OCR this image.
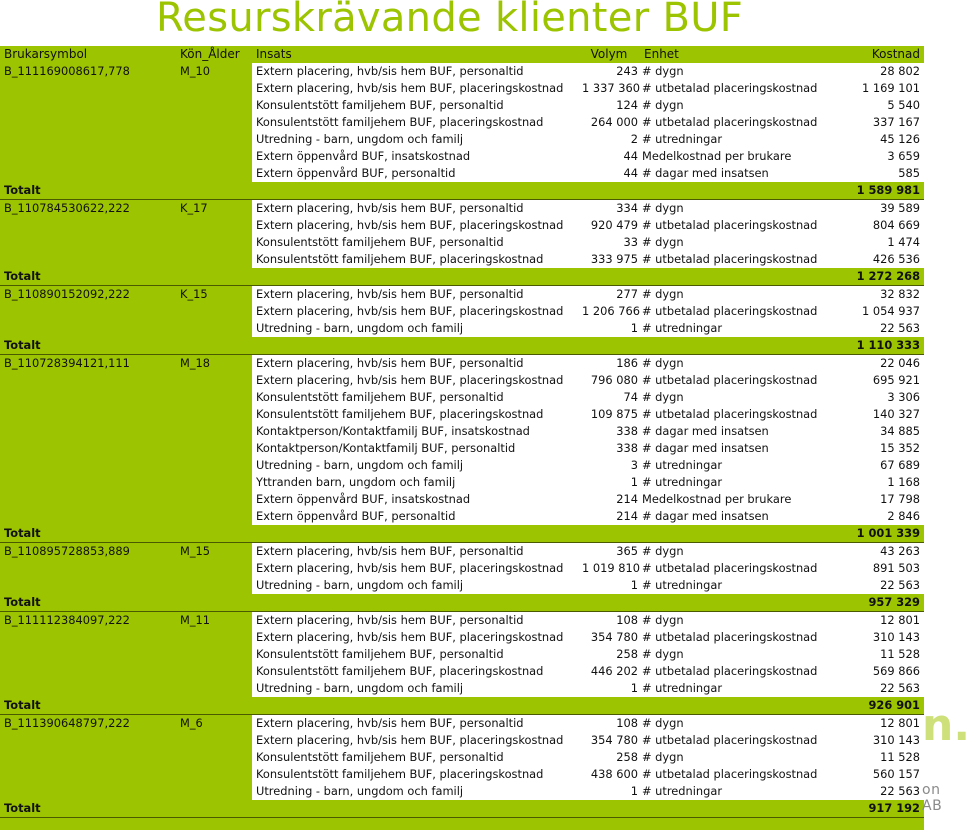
Resurskrävande klienter BUF
Brukarsymbol	Kön_Ålder	Insats	Volym	Enhet	Kostnad
B_111169008617,778	M_10	Extern placering, hvb/sis hem BUF, personaltid	243	# dygn	28 802
		Extern placering, hvb/sis hem BUF, placeringskostnad	1 337 360	# utbetalad placeringskostnad	1 169 101
		Konsulentstött familjehem BUF, personaltid	124	# dygn	5 540
		Konsulentstött familjehem BUF, placeringskostnad	264 000	# utbetalad placeringskostnad	337 167
		Utredning - barn, ungdom och familj	2	# utredningar	45 126
		Extern öppenvård BUF, insatskostnad	44	Medelkostnad per brukare	3 659
		Extern öppenvård BUF, personaltid	44	# dagar med insatsen	585
Totalt					1 589 981
B_110784530622,222	K_17	Extern placering, hvb/sis hem BUF, personaltid	334	# dygn	39 589
		Extern placering, hvb/sis hem BUF, placeringskostnad	920 479	# utbetalad placeringskostnad	804 669
		Konsulentstött familjehem BUF, personaltid	33	# dygn	1 474
		Konsulentstött familjehem BUF, placeringskostnad	333 975	# utbetalad placeringskostnad	426 536
Totalt					1 272 268
B_110890152092,222	K_15	Extern placering, hvb/sis hem BUF, personaltid	277	# dygn	32 832
		Extern placering, hvb/sis hem BUF, placeringskostnad	1 206 766	# utbetalad placeringskostnad	1 054 937
		Utredning - barn, ungdom och familj	1	# utredningar	22 563
Totalt					1 110 333
B_110728394121,111	M_18	Extern placering, hvb/sis hem BUF, personaltid	186	# dygn	22 046
		Extern placering, hvb/sis hem BUF, placeringskostnad	796 080	# utbetalad placeringskostnad	695 921
		Konsulentstött familjehem BUF, personaltid	74	# dygn	3 306
		Konsulentstött familjehem BUF, placeringskostnad	109 875	# utbetalad placeringskostnad	140 327
		Kontaktperson/Kontaktfamilj BUF, insatskostnad	338	# dagar med insatsen	34 885
		Kontaktperson/Kontaktfamilj BUF, personaltid	338	# dagar med insatsen	15 352
		Utredning - barn, ungdom och familj	3	# utredningar	67 689
		Yttranden barn, ungdom och familj	1	# utredningar	1 168
		Extern öppenvård BUF, insatskostnad	214	Medelkostnad per brukare	17 798
		Extern öppenvård BUF, personaltid	214	# dagar med insatsen	2 846
Totalt					1 001 339
B_110895728853,889	M_15	Extern placering, hvb/sis hem BUF, personaltid	365	# dygn	43 263
		Extern placering, hvb/sis hem BUF, placeringskostnad	1 019 810	# utbetalad placeringskostnad	891 503
		Utredning - barn, ungdom och familj	1	# utredningar	22 563
Totalt					957 329
B_111112384097,222	M_11	Extern placering, hvb/sis hem BUF, personaltid	108	# dygn	12 801
		Extern placering, hvb/sis hem BUF, placeringskostnad	354 780	# utbetalad placeringskostnad	310 143
		Konsulentstött familjehem BUF, personaltid	258	# dygn	11 528
		Konsulentstött familjehem BUF, placeringskostnad	446 202	# utbetalad placeringskostnad	569 866
		Utredning - barn, ungdom och familj	1	# utredningar	22 563
Totalt					926 901
B_111390648797,222	M_6	Extern placering, hvb/sis hem BUF, personaltid	108	# dygn	12 801
		Extern placering, hvb/sis hem BUF, placeringskostnad	354 780	# utbetalad placeringskostnad	310 143
		Konsulentstött familjehem BUF, personaltid	258	# dygn	11 528
		Konsulentstött familjehem BUF, placeringskostnad	438 600	# utbetalad placeringskostnad	560 157
		Utredning - barn, ungdom och familj	1	# utredningar	22 563
Totalt					917 192

n.
on AB
